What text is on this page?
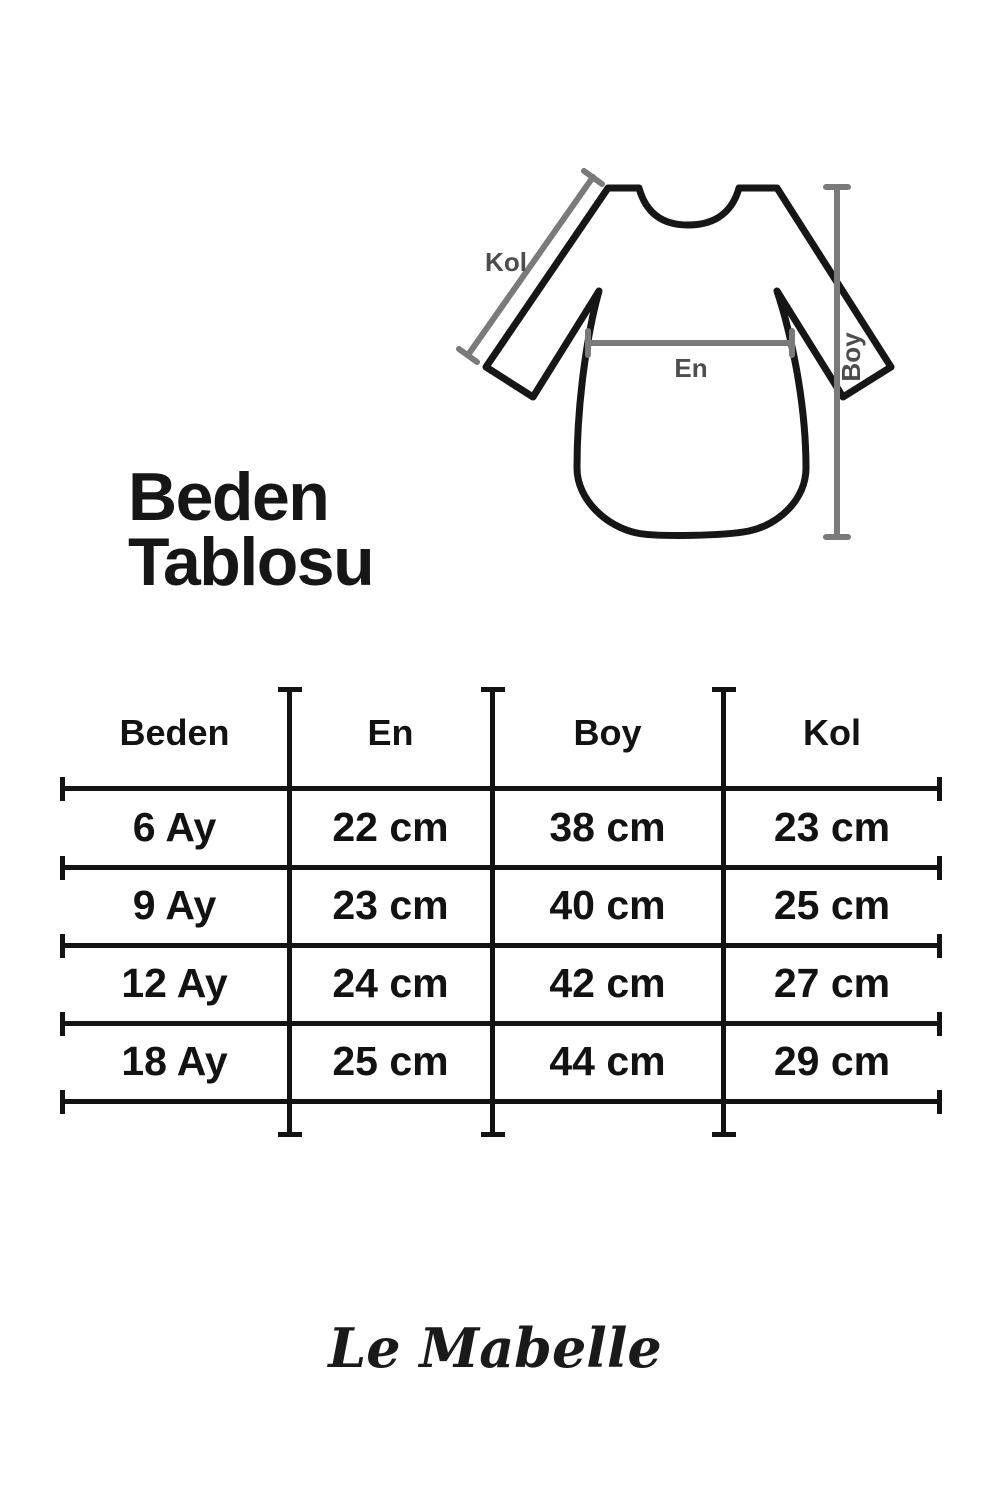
Kol
En	Boy
Beden
Tablosu
Beden	En	Boy	Kol
6 Ay	22 cm	38 cm	23 cm
9 Ay	23 cm	40 cm	25 cm
12 Ay	24 cm	42 cm	27 cm
18 Ay	25 cm	44 cm	29 cm
Le Mabelle
